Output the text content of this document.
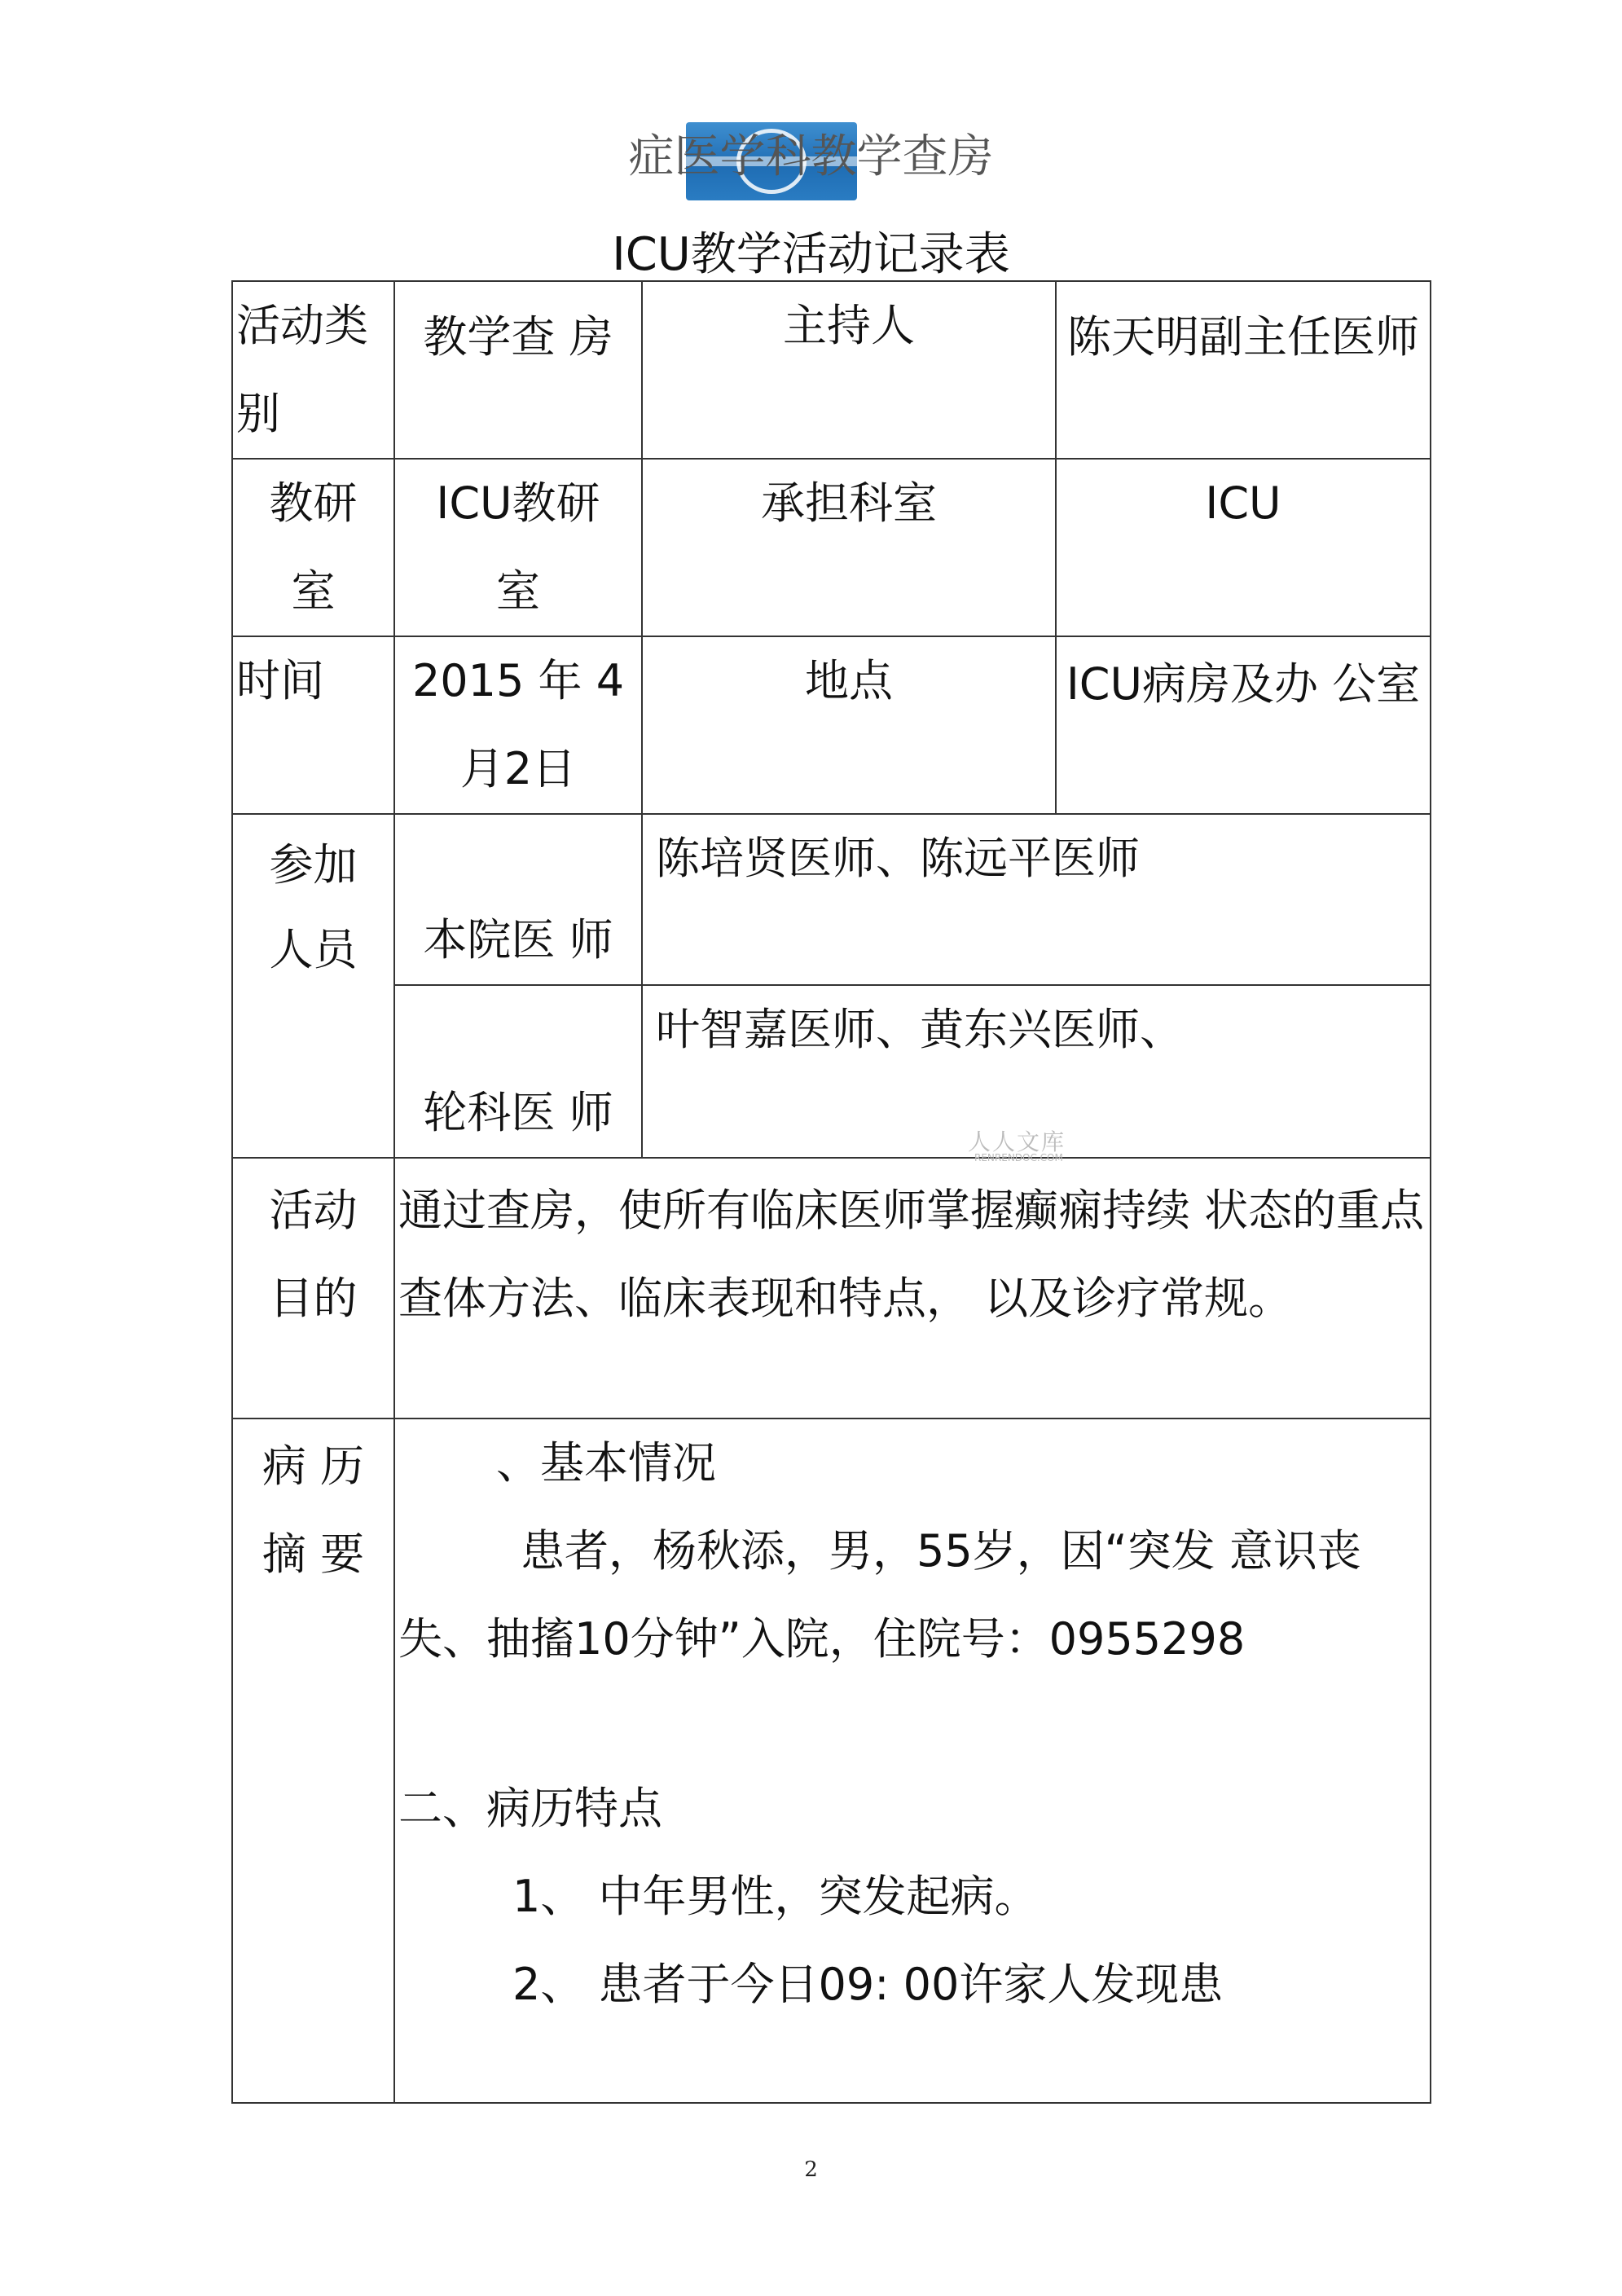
症医学科教学查房
ICU教学活动记录表
活动类别	教学查 房	主持人	陈天明副主任医师
教研室	ICU教研室	承担科室	ICU
时间	2015 年 4月2日	地点	ICU病房及办 公室
参加人员	本院医 师	陈培贤医师、陈远平医师	
	轮科医 师	叶智嘉医师、黄东兴医师、	
活动目的	通过查房，使所有临床医师掌握癫痫持续 状态的重点查体方法、临床表现和特点， 以及诊疗常规。		
病 历摘 要	、基本情况
患者，杨秋添，男，55岁，因“突发 意识丧失、抽搐10分钟”入院，住院号：0955298
二、病历特点
1、 中年男性，突发起病。
2、 患者于今日09: 00许家人发现患		
人人文库
RENRENDOC.COM
2
